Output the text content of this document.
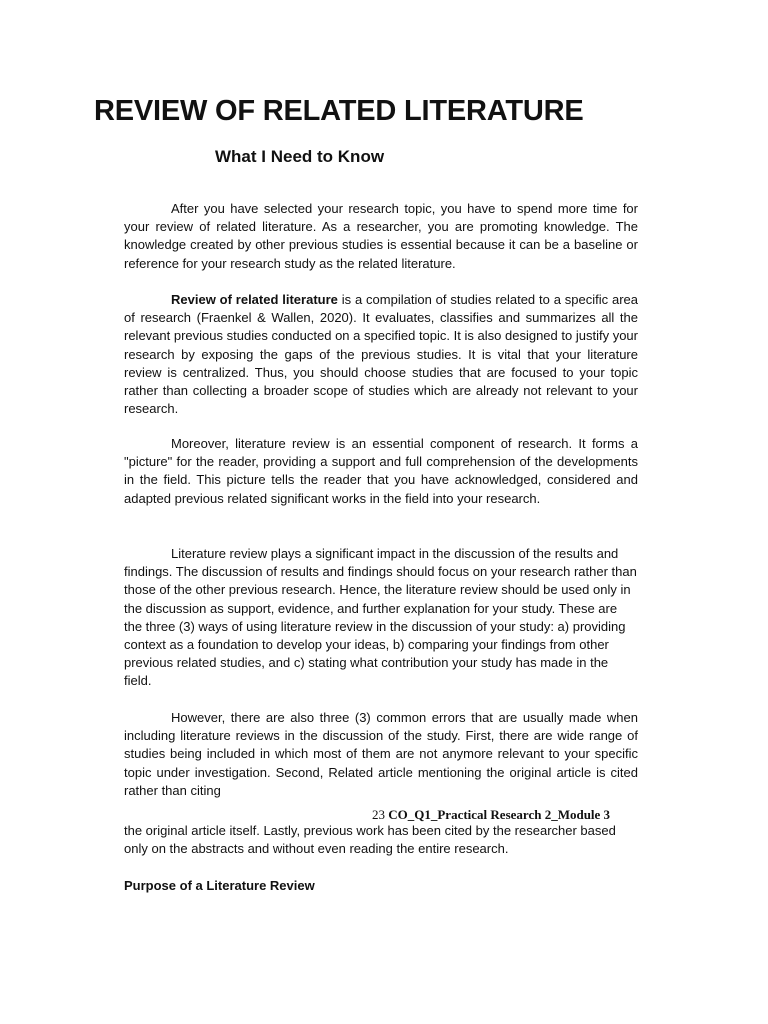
REVIEW OF RELATED LITERATURE
What I Need to Know

After you have selected your research topic, you have to spend more time for your review of related literature. As a researcher, you are promoting knowledge. The knowledge created by other previous studies is essential because it can be a baseline or reference for your research study as the related literature.

Review of related literature is a compilation of studies related to a specific area of research (Fraenkel & Wallen, 2020). It evaluates, classifies and summarizes all the relevant previous studies conducted on a specified topic. It is also designed to justify your research by exposing the gaps of the previous studies. It is vital that your literature review is centralized. Thus, you should choose studies that are focused to your topic rather than collecting a broader scope of studies which are already not relevant to your research.

Moreover, literature review is an essential component of research. It forms a "picture" for the reader, providing a support and full comprehension of the developments in the field. This picture tells the reader that you have acknowledged, considered and adapted previous related significant works in the field into your research.

Literature review plays a significant impact in the discussion of the results and findings. The discussion of results and findings should focus on your research rather than those of the other previous research. Hence, the literature review should be used only in the discussion as support, evidence, and further explanation for your study. These are the three (3) ways of using literature review in the discussion of your study: a) providing context as a foundation to develop your ideas, b) comparing your findings from other previous related studies, and c) stating what contribution your study has made in the field.

However, there are also three (3) common errors that are usually made when including literature reviews in the discussion of the study. First, there are wide range of studies being included in which most of them are not anymore relevant to your specific topic under investigation. Second, Related article mentioning the original article is cited rather than citing

23 CO_Q1_Practical Research 2_Module 3

the original article itself. Lastly, previous work has been cited by the researcher based only on the abstracts and without even reading the entire research.

Purpose of a Literature Review
